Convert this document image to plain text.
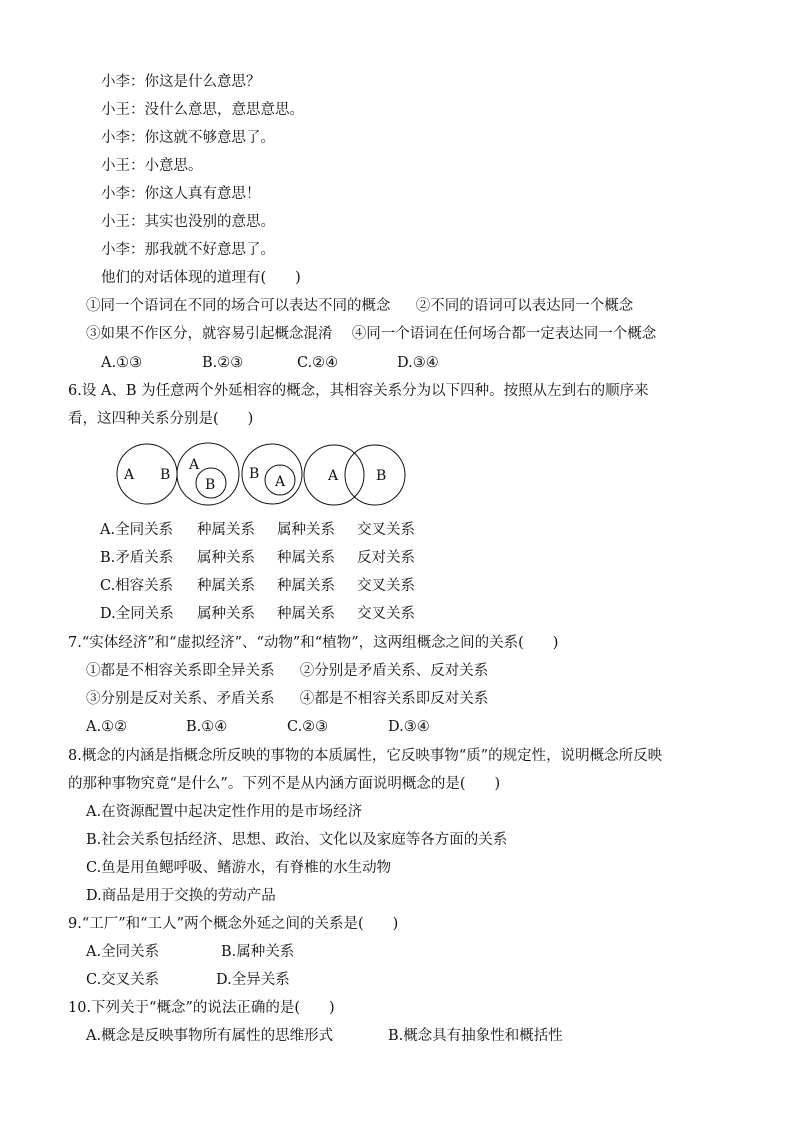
小李：你这是什么意思？
小王：没什么意思，意思意思。
小李：你这就不够意思了。
小王：小意思。
小李：你这人真有意思！
小王：其实也没别的意思。
小李：那我就不好意思了。
他们的对话体现的道理有(　　)
①同一个语词在不同的场合可以表达不同的概念 ②不同的语词可以表达同一个概念
③如果不作区分，就容易引起概念混淆 ④同一个语词在任何场合都一定表达同一个概念
A.①③	B.②③	C.②④	D.③④
6.设 A、B 为任意两个外延相容的概念，其相容关系分为以下四种。按照从左到右的顺序来
看，这四种关系分别是(　　)
A B
A
B
B A	A	B
A.全同关系 种属关系 属种关系 交叉关系
B.矛盾关系 属种关系 种属关系 反对关系
C.相容关系 种属关系 种属关系 交叉关系
D.全同关系 属种关系 种属关系 交叉关系
7.“实体经济”和“虚拟经济”、“动物”和“植物”，这两组概念之间的关系(　　)
①都是不相容关系即全异关系 ②分别是矛盾关系、反对关系
③分别是反对关系、矛盾关系 ④都是不相容关系即反对关系
A.①②	B.①④	C.②③	D.③④
8.概念的内涵是指概念所反映的事物的本质属性，它反映事物“质”的规定性，说明概念所反映
的那种事物究竟“是什么”。下列不是从内涵方面说明概念的是(　　)
A.在资源配置中起决定性作用的是市场经济
B.社会关系包括经济、思想、政治、文化以及家庭等各方面的关系
C.鱼是用鱼鳃呼吸、鳍游水，有脊椎的水生动物
D.商品是用于交换的劳动产品
9.“工厂”和“工人”两个概念外延之间的关系是(　　)
A.全同关系	B.属种关系
C.交叉关系	D.全异关系
10.下列关于“概念”的说法正确的是(　　)
A.概念是反映事物所有属性的思维形式	B.概念具有抽象性和概括性
